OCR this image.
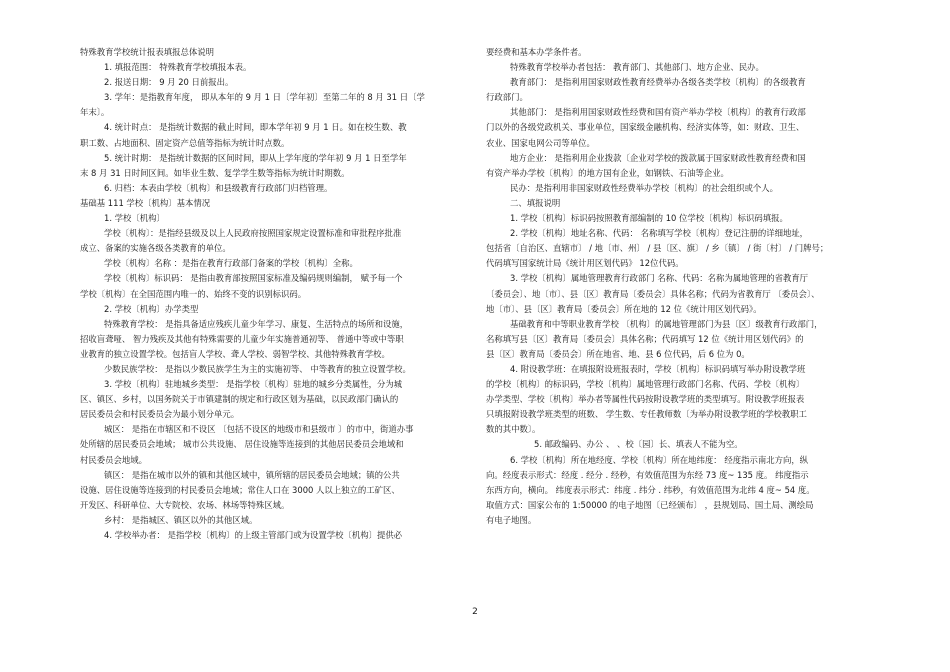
特殊教育学校统计报表填报总体说明
1. 填报范围： 特殊教育学校填报本表。
2. 报送日期： 9 月 20 日前报出。
3. 学年：是指教育年度， 即从本年的 9 月 1 日〔学年初〕至第二年的 8 月 31 日〔学
年末〕。
4. 统计时点： 是指统计数据的截止时间，即本学年初 9 月 1 日。如在校生数、教
职工数、占地面积、固定资产总值等指标为统计时点数。
5. 统计时期： 是指统计数据的区间时间，即从上学年度的学年初 9 月 1 日至学年
末 8 月 31 日时间区间。如毕业生数、复学学生数等指标为统计时期数。
6. 归档：本表由学校〔机构〕和县级教育行政部门归档管理。
基础基 111 学校〔机构〕基本情况
1. 学校〔机构〕
学校〔机构〕：是指经县级及以上人民政府按照国家规定设置标准和审批程序批准
成立、备案的实施各级各类教育的单位。
学校〔机构〕名称 ：是指在教育行政部门备案的学校〔机构〕全称。
学校〔机构〕标识码： 是指由教育部按照国家标准及编码规则编制， 赋予每一个
学校〔机构〕在全国范围内唯一的、始终不变的识别标识码。
2. 学校〔机构〕办学类型
特殊教育学校： 是指具备适应残疾儿童少年学习、康复、生活特点的场所和设施，
招收盲聋哑、 智力残疾及其他有特殊需要的儿童少年实施普通初等、 普通中等或中等职
业教育的独立设置学校。包括盲人学校、聋人学校、弱智学校、其他特殊教育学校。
少数民族学校： 是指以少数民族学生为主的实施初等、 中等教育的独立设置学校。
3. 学校〔机构〕驻地城乡类型： 是指学校〔机构〕驻地的城乡分类属性，分为城
区、镇区、乡村，以国务院关于市镇建制的规定和行政区划为基础，以民政部门确认的
居民委员会和村民委员会为最小划分单元。
城区： 是指在市辖区和不设区 〔包括不设区的地级市和县级市 〕的市中，街道办事
处所辖的居民委员会地域； 城市公共设施、 居住设施等连接到的其他居民委员会地域和
村民委员会地域。
镇区： 是指在城市以外的镇和其他区域中，镇所辖的居民委员会地域；镇的公共
设施、居住设施等连接到的村民委员会地域；常住人口在 3000 人以上独立的工矿区、
开发区、科研单位、大专院校、农场、林场等特殊区域。
乡村： 是指城区、镇区以外的其他区域。
4. 学校举办者： 是指学校〔机构〕的上级主管部门或为设置学校〔机构〕提供必
要经费和基本办学条件者。
特殊教育学校举办者包括： 教育部门、其他部门、地方企业、民办。
教育部门： 是指利用国家财政性教育经费举办各级各类学校〔机构〕的各级教育
行政部门。
其他部门： 是指利用国家财政性经费和国有资产举办学校〔机构〕的教育行政部
门以外的各级党政机关、事业单位，国家级金融机构、经济实体等，如：财政、卫生、
农业、国家电网公司等单位。
地方企业： 是指利用企业拨款〔企业对学校的拨款属于国家财政性教育经费和国
有资产举办学校〔机构〕的地方国有企业，如钢铁、石油等企业。
民办：是指利用非国家财政性经费举办学校〔机构〕的社会组织或个人。
二、填报说明
1. 学校〔机构〕标识码按照教育部编制的 10 位学校〔机构〕标识码填报。
2. 学校〔机构〕地址名称、代码： 名称填写学校〔机构〕登记注册的详细地址，
包括省〔自治区、直辖市〕 / 地〔市、州〕 / 县〔区、旗〕 / 乡〔镇〕 / 街〔村〕 / 门牌号；
代码填写国家统计局《统计用区划代码》 12位代码。
3. 学校〔机构〕属地管理教育行政部门 名称、代码：名称为属地管理的省教育厅
〔委员会〕、地〔市〕、县〔区〕教育局〔委员会〕具体名称；代码为省教育厅 〔委员会〕、
地〔市〕、县〔区〕教育局〔委员会〕所在地的 12 位《统计用区划代码》。
基础教育和中等职业教育学校 〔机构〕的属地管理部门为县〔区〕级教育行政部门，
名称填写县〔区〕教育局〔委员会〕具体名称；代码填写 12 位《统计用区划代码》的
县〔区〕教育局〔委员会〕所在地省、地、县 6 位代码，后 6 位为 0。
4. 附设教学班：在填报附设班报表时，学校〔机构〕标识码填写举办附设教学班
的学校〔机构〕的标识码，学校〔机构〕属地管理行政部门名称、代码、学校〔机构〕
办学类型、学校〔机构〕举办者等属性代码按附设教学班的类型填写。附设教学班报表
只填报附设教学班类型的班数、 学生数、专任教师数〔为举办附设教学班的学校教职工
数的其中数〕。
5. 邮政编码、办公 、 、校〔园〕长、填表人不能为空。
6. 学校〔机构〕所在地经度、学校〔机构〕所在地纬度： 经度指示南北方向，纵
向。经度表示形式：经度 . 经分 . 经秒，有效值范围为东经 73 度~ 135 度。 纬度指示
东西方向，横向。 纬度表示形式：纬度 . 纬分 . 纬秒，有效值范围为北纬 4 度~ 54 度。
取值方式：国家公布的 1:50000 的电子地图〔已经颁布〕 ，县规划局、国土局、测绘局
有电子地图。
2
